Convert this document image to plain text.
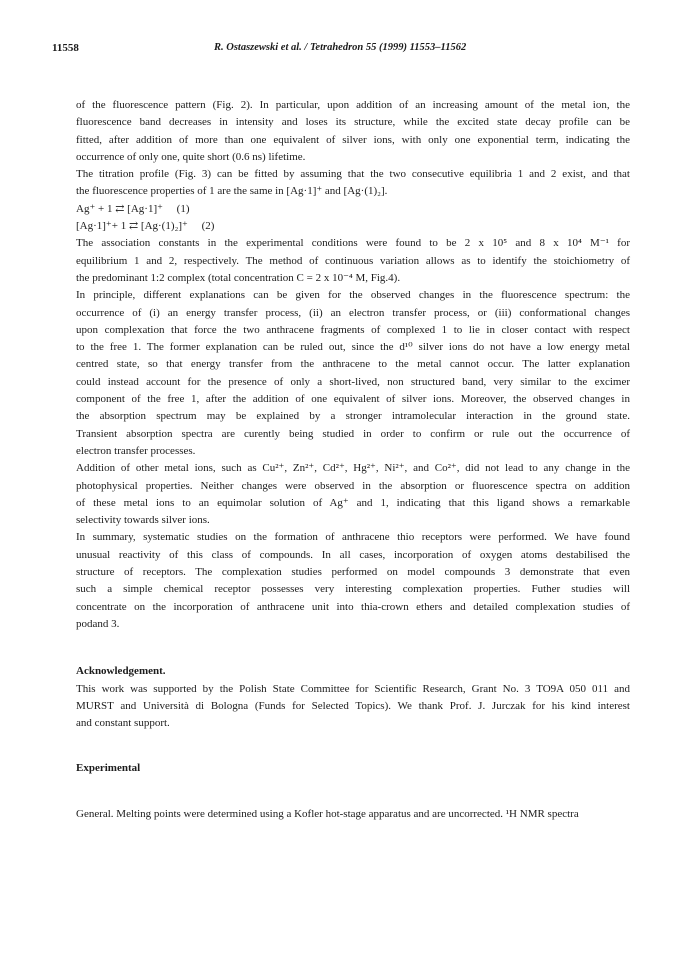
11558	R. Ostaszewski et al. / Tetrahedron 55 (1999) 11553–11562

of the fluorescence pattern (Fig. 2). In particular, upon addition of an increasing amount of the metal ion, the

fluorescence band decreases in intensity and loses its structure, while the excited state decay profile can be

fitted, after addition of more than one equivalent of silver ions, with only one exponential term, indicating the

occurrence of only one, quite short (0.6 ns) lifetime.

The titration profile (Fig. 3) can be fitted by assuming that the two consecutive equilibria 1 and 2 exist, and that

the fluorescence properties of 1 are the same in [Ag·1]⁺ and [Ag·(1)₂].

Ag⁺ + 1 ⇄ [Ag·1]⁺ (1)
[Ag·1]⁺+ 1 ⇄ [Ag·(1)₂]⁺ (2)

The association constants in the experimental conditions were found to be 2 x 10⁵ and 8 x 10⁴ M⁻¹ for

equilibrium 1 and 2, respectively. The method of continuous variation allows as to identify the stoichiometry of

the predominant 1:2 complex (total concentration C = 2 x 10⁻⁴ M, Fig.4).

In principle, different explanations can be given for the observed changes in the fluorescence spectrum: the

occurrence of (i) an energy transfer process, (ii) an electron transfer process, or (iii) conformational changes

upon complexation that force the two anthracene fragments of complexed 1 to lie in closer contact with respect

to the free 1. The former explanation can be ruled out, since the d¹⁰ silver ions do not have a low energy metal

centred state, so that energy transfer from the anthracene to the metal cannot occur. The latter explanation

could instead account for the presence of only a short-lived, non structured band, very similar to the excimer

component of the free 1, after the addition of one equivalent of silver ions. Moreover, the observed changes in

the absorption spectrum may be explained by a stronger intramolecular interaction in the ground state.

Transient absorption spectra are curently being studied in order to confirm or rule out the occurrence of

electron transfer processes.

Addition of other metal ions, such as Cu²⁺, Zn²⁺, Cd²⁺, Hg²⁺, Ni²⁺, and Co²⁺, did not lead to any change in the

photophysical properties. Neither changes were observed in the absorption or fluorescence spectra on addition

of these metal ions to an equimolar solution of Ag⁺ and 1, indicating that this ligand shows a remarkable

selectivity towards silver ions.

In summary, systematic studies on the formation of anthracene thio receptors were performed. We have found

unusual reactivity of this class of compounds. In all cases, incorporation of oxygen atoms destabilised the

structure of receptors. The complexation studies performed on model compounds 3 demonstrate that even

such a simple chemical receptor possesses very interesting complexation properties. Futher studies will

concentrate on the incorporation of anthracene unit into thia-crown ethers and detailed complexation studies of

podand 3.

Acknowledgement.

This work was supported by the Polish State Committee for Scientific Research, Grant No. 3 TO9A 050 011 and

MURST and Università di Bologna (Funds for Selected Topics). We thank Prof. J. Jurczak for his kind interest

and constant support.

Experimental

General. Melting points were determined using a Kofler hot-stage apparatus and are uncorrected. ¹H NMR spectra
